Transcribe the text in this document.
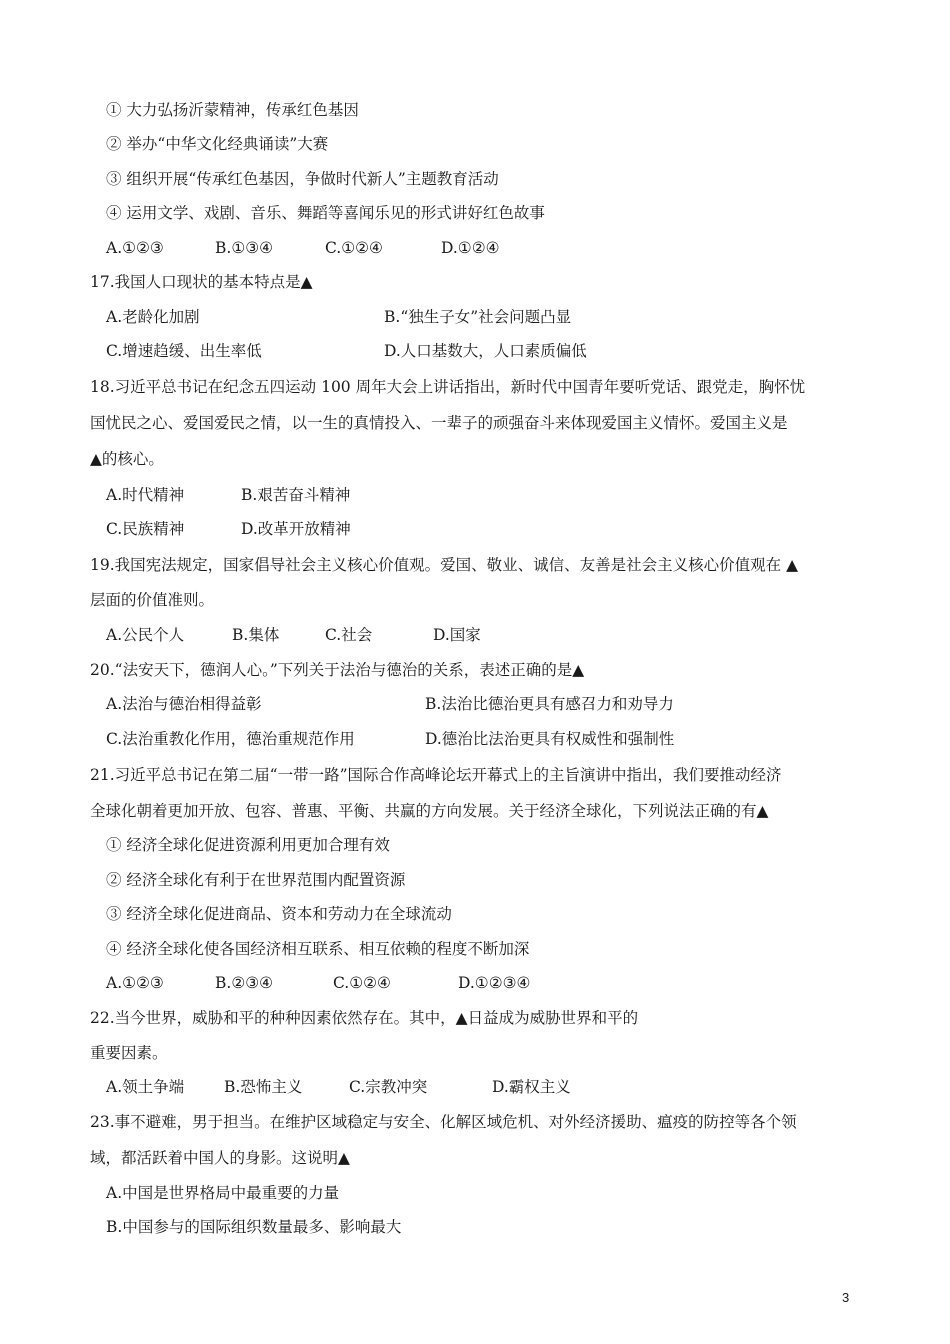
① 大力弘扬沂蒙精神，传承红色基因
② 举办“中华文化经典诵读”大赛
③ 组织开展“传承红色基因，争做时代新人”主题教育活动
④ 运用文学、戏剧、音乐、舞蹈等喜闻乐见的形式讲好红色故事
A.①②③	B.①③④	C.①②④	D.①②④
17.我国人口现状的基本特点是▲
A.老龄化加剧	B.“独生子女”社会问题凸显
C.增速趋缓、出生率低	D.人口基数大，人口素质偏低
18.习近平总书记在纪念五四运动 100 周年大会上讲话指出，新时代中国青年要听党话、跟党走，胸怀忧
国忧民之心、爱国爱民之情，以一生的真情投入、一辈子的顽强奋斗来体现爱国主义情怀。爱国主义是
▲的核心。
A.时代精神	B.艰苦奋斗精神
C.民族精神	D.改革开放精神
19.我国宪法规定，国家倡导社会主义核心价值观。爱国、敬业、诚信、友善是社会主义核心价值观在 ▲
层面的价值准则。
A.公民个人	B.集体	C.社会	D.国家
20.“法安天下，德润人心。”下列关于法治与德治的关系，表述正确的是▲
A.法治与德治相得益彰	B.法治比德治更具有感召力和劝导力
C.法治重教化作用，德治重规范作用	D.德治比法治更具有权威性和强制性
21.习近平总书记在第二届“一带一路”国际合作高峰论坛开幕式上的主旨演讲中指出，我们要推动经济
全球化朝着更加开放、包容、普惠、平衡、共赢的方向发展。关于经济全球化，下列说法正确的有▲
① 经济全球化促进资源利用更加合理有效
② 经济全球化有利于在世界范围内配置资源
③ 经济全球化促进商品、资本和劳动力在全球流动
④ 经济全球化使各国经济相互联系、相互依赖的程度不断加深
A.①②③	B.②③④	C.①②④	D.①②③④
22.当今世界，威胁和平的种种因素依然存在。其中，▲日益成为威胁世界和平的
重要因素。
A.领土争端	B.恐怖主义	C.宗教冲突	D.霸权主义
23.事不避难，男于担当。在维护区域稳定与安全、化解区域危机、对外经济援助、瘟疫的防控等各个领
域，都活跃着中国人的身影。这说明▲
A.中国是世界格局中最重要的力量
B.中国参与的国际组织数量最多、影响最大
3
